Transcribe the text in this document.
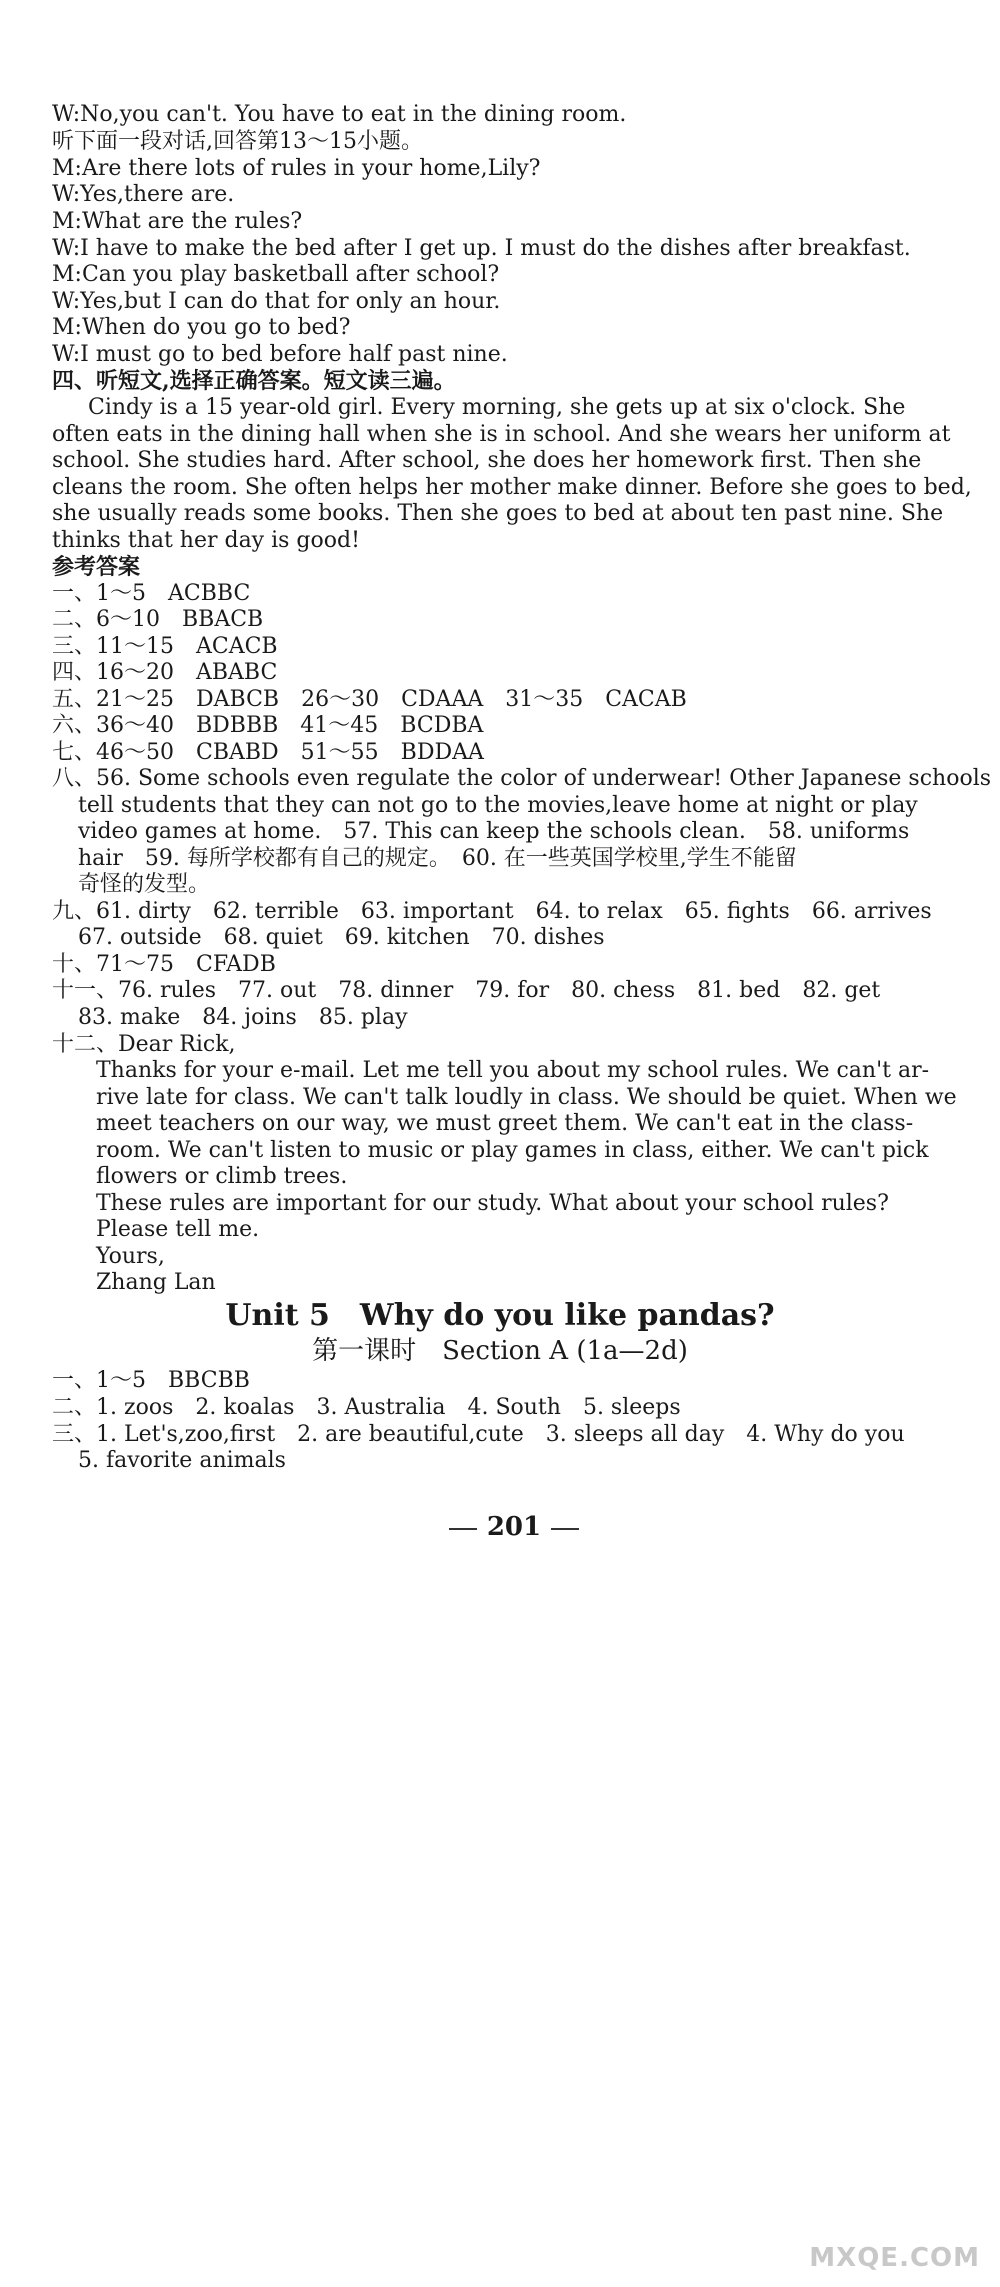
W:No,you can't. You have to eat in the dining room.
听下面一段对话,回答第13～15小题。
M:Are there lots of rules in your home,Lily?
W:Yes,there are.
M:What are the rules?
W:I have to make the bed after I get up. I must do the dishes after breakfast.
M:Can you play basketball after school?
W:Yes,but I can do that for only an hour.
M:When do you go to bed?
W:I must go to bed before half past nine.
四、听短文,选择正确答案。短文读三遍。
Cindy is a 15 year-old girl. Every morning, she gets up at six o'clock. She
often eats in the dining hall when she is in school. And she wears her uniform at
school. She studies hard. After school, she does her homework first. Then she
cleans the room. She often helps her mother make dinner. Before she goes to bed,
she usually reads some books. Then she goes to bed at about ten past nine. She
thinks that her day is good!
参考答案
一、1～5　ACBBC
二、6～10　BBACB
三、11～15　ACACB
四、16～20　ABABC
五、21～25　DABCB　26～30　CDAAA　31～35　CACAB
六、36～40　BDBBB　41～45　BCDBA
七、46～50　CBABD　51～55　BDDAA
八、56. Some schools even regulate the color of underwear! Other Japanese schools
tell students that they can not go to the movies,leave home at night or play
video games at home.　57. This can keep the schools clean.　58. uniforms
hair　59. 每所学校都有自己的规定。　60. 在一些英国学校里,学生不能留
奇怪的发型。
九、61. dirty　62. terrible　63. important　64. to relax　65. fights　66. arrives
67. outside　68. quiet　69. kitchen　70. dishes
十、71～75　CFADB
十一、76. rules　77. out　78. dinner　79. for　80. chess　81. bed　82. get
83. make　84. joins　85. play
十二、Dear Rick,
Thanks for your e-mail. Let me tell you about my school rules. We can't ar-
rive late for class. We can't talk loudly in class. We should be quiet. When we
meet teachers on our way, we must greet them. We can't eat in the class-
room. We can't listen to music or play games in class, either. We can't pick
flowers or climb trees.
These rules are important for our study. What about your school rules?
Please tell me.
Yours,
Zhang Lan
Unit 5　Why do you like pandas?
第一课时　Section A (1a—2d)
一、1～5　BBCBB
二、1. zoos　2. koalas　3. Australia　4. South　5. sleeps
三、1. Let's,zoo,first　2. are beautiful,cute　3. sleeps all day　4. Why do you
5. favorite animals

201

MXQE.COM
